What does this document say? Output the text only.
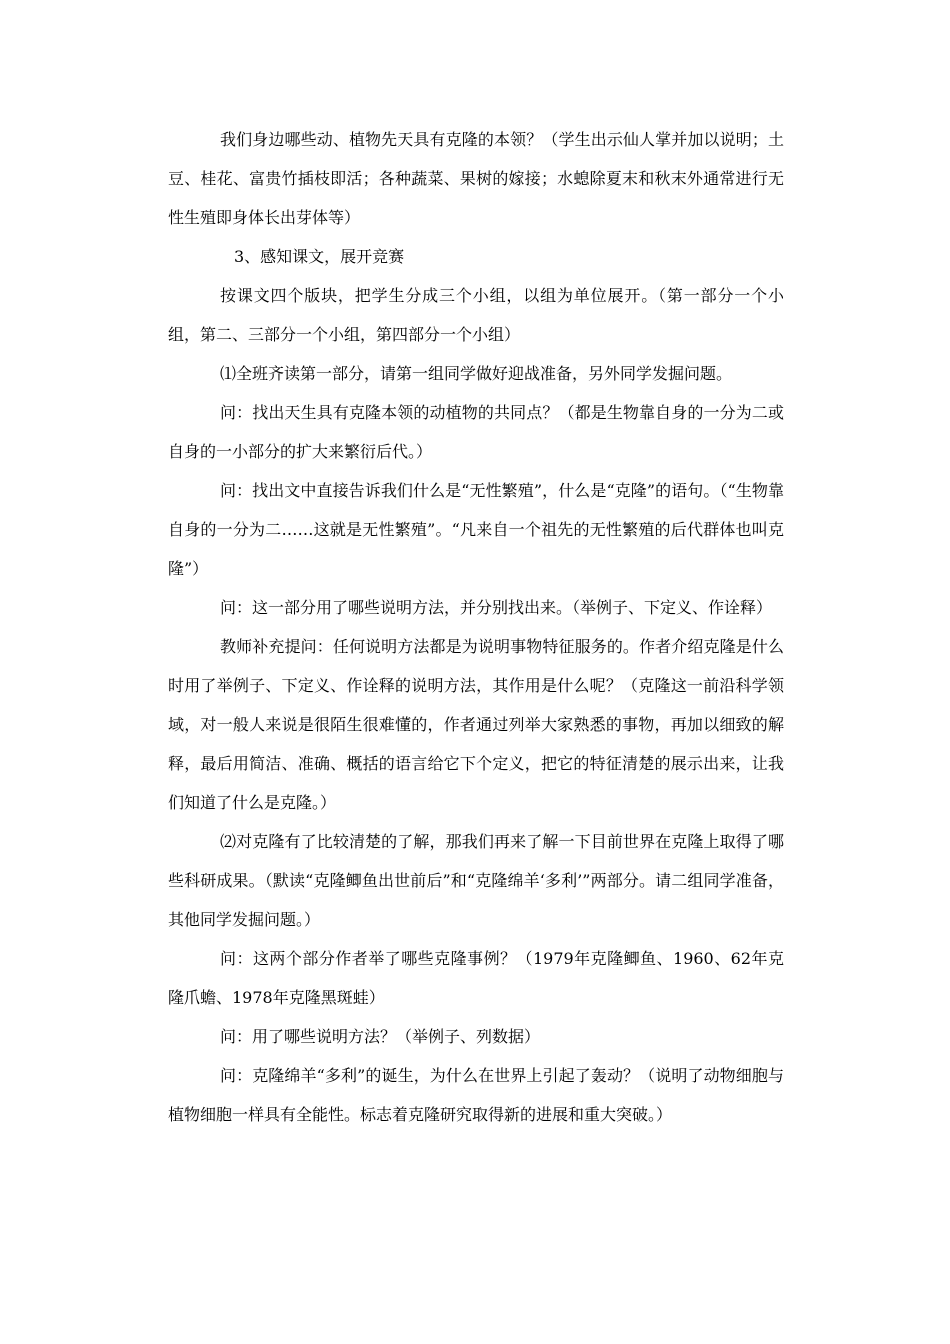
我们身边哪些动、植物先天具有克隆的本领？（学生出示仙人掌并加以说明；土豆、桂花、富贵竹插枝即活；各种蔬菜、果树的嫁接；水螅除夏末和秋末外通常进行无性生殖即身体长出芽体等）

3、感知课文，展开竞赛

按课文四个版块，把学生分成三个小组，以组为单位展开。（第一部分一个小组，第二、三部分一个小组，第四部分一个小组）

⑴全班齐读第一部分，请第一组同学做好迎战准备，另外同学发掘问题。

问：找出天生具有克隆本领的动植物的共同点？（都是生物靠自身的一分为二或自身的一小部分的扩大来繁衍后代。）

问：找出文中直接告诉我们什么是“无性繁殖”，什么是“克隆”的语句。（“生物靠自身的一分为二……这就是无性繁殖”。“凡来自一个祖先的无性繁殖的后代群体也叫克隆”）

问：这一部分用了哪些说明方法，并分别找出来。（举例子、下定义、作诠释）

教师补充提问：任何说明方法都是为说明事物特征服务的。作者介绍克隆是什么时用了举例子、下定义、作诠释的说明方法，其作用是什么呢？（克隆这一前沿科学领域，对一般人来说是很陌生很难懂的，作者通过列举大家熟悉的事物，再加以细致的解释，最后用简洁、准确、概括的语言给它下个定义，把它的特征清楚的展示出来，让我们知道了什么是克隆。）

⑵对克隆有了比较清楚的了解，那我们再来了解一下目前世界在克隆上取得了哪些科研成果。（默读“克隆鲫鱼出世前后”和“克隆绵羊‘多利’”两部分。请二组同学准备，其他同学发掘问题。）

问：这两个部分作者举了哪些克隆事例？（1979年克隆鲫鱼、1960、62年克隆爪蟾、1978年克隆黑斑蛙）

问：用了哪些说明方法？（举例子、列数据）

问：克隆绵羊“多利”的诞生，为什么在世界上引起了轰动？（说明了动物细胞与植物细胞一样具有全能性。标志着克隆研究取得新的进展和重大突破。）
